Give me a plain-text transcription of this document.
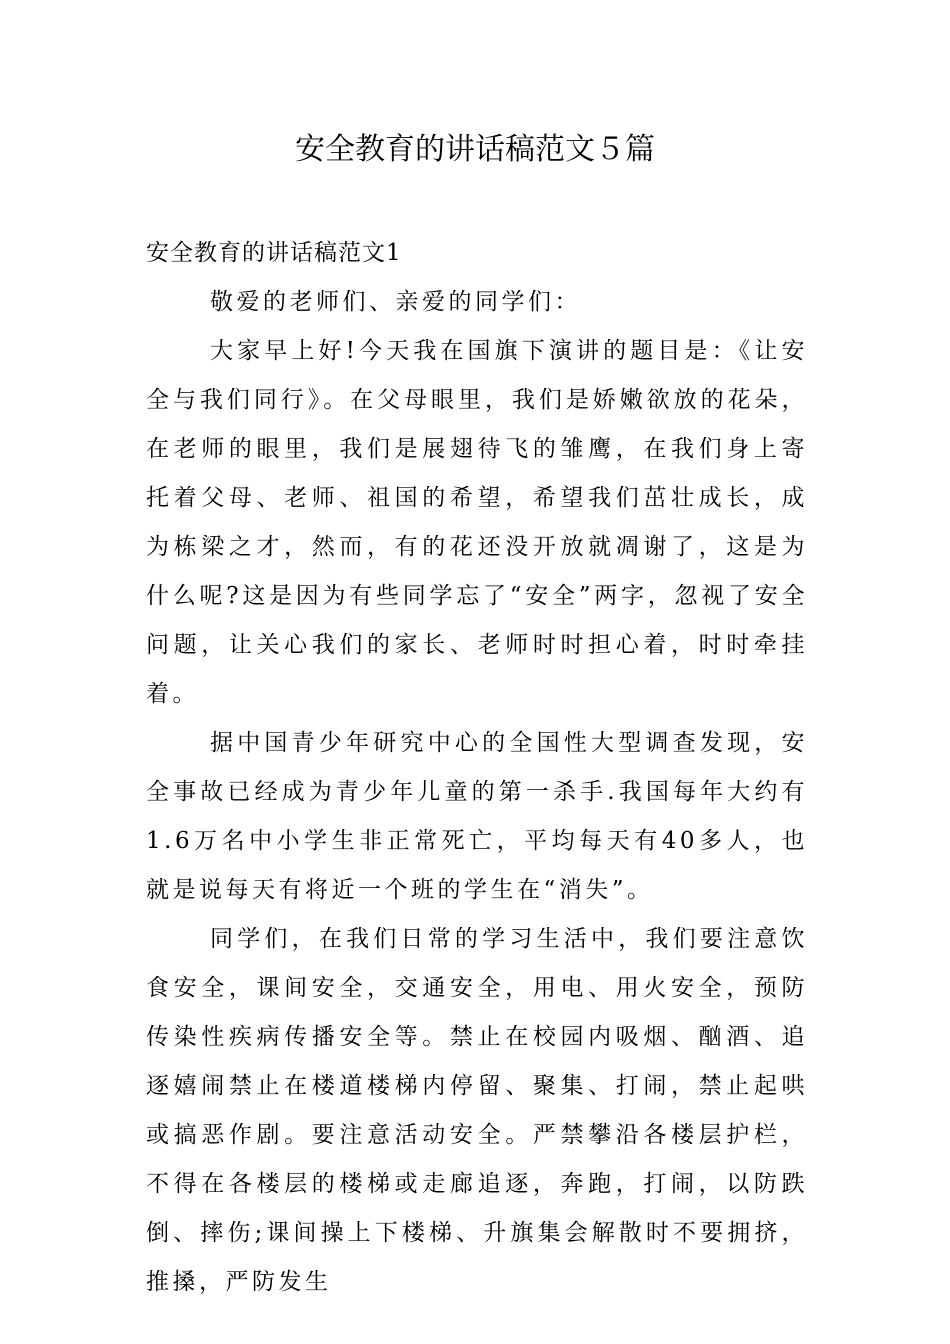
安全教育的讲话稿范文５篇

安全教育的讲话稿范文1

敬爱的老师们、亲爱的同学们：

大家早上好!今天我在国旗下演讲的题目是：《让安全与我们同行》。在父母眼里，我们是娇嫩欲放的花朵，在老师的眼里，我们是展翅待飞的雏鹰，在我们身上寄托着父母、老师、祖国的希望，希望我们茁壮成长，成为栋梁之才，然而，有的花还没开放就凋谢了，这是为什么呢?这是因为有些同学忘了“安全”两字，忽视了安全问题，让关心我们的家长、老师时时担心着，时时牵挂着。

据中国青少年研究中心的全国性大型调查发现，安全事故已经成为青少年儿童的第一杀手.我国每年大约有1.6万名中小学生非正常死亡，平均每天有40多人，也就是说每天有将近一个班的学生在“消失”。

同学们，在我们日常的学习生活中，我们要注意饮食安全，课间安全，交通安全，用电、用火安全，预防传染性疾病传播安全等。禁止在校园内吸烟、酗酒、追逐嬉闹禁止在楼道楼梯内停留、聚集、打闹，禁止起哄或搞恶作剧。要注意活动安全。严禁攀沿各楼层护栏，不得在各楼层的楼梯或走廊追逐，奔跑，打闹，以防跌倒、摔伤;课间操上下楼梯、升旗集会解散时不要拥挤，推搡，严防发生
